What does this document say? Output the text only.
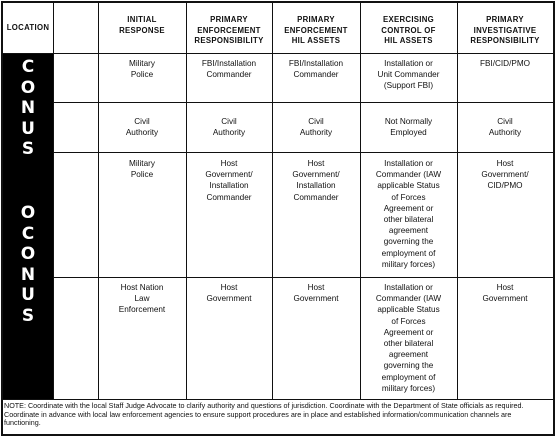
LOCATION
INITIAL
RESPONSE
PRIMARY
ENFORCEMENT
RESPONSIBILITY
PRIMARY
ENFORCEMENT
HIL ASSETS
EXERCISING
CONTROL OF
HIL ASSETS
PRIMARY
INVESTIGATIVE
RESPONSIBILITY
C
O
N
U
S
O
C
O
N
U
S
Military
Police
FBI/Installation
Commander
FBI/Installation
Commander
Installation or
Unit Commander
(Support FBI)
FBI/CID/PMO
Civil
Authority
Civil
Authority
Civil
Authority
Not Normally
Employed
Civil
Authority
Military
Police
Host
Government/
Installation
Commander
Host
Government/
Installation
Commander
Installation or
Commander (IAW
applicable Status
of Forces
Agreement or
other bilateral
agreement
governing the
employment of
military forces)
Host
Government/
CID/PMO
Host Nation
Law
Enforcement
Host
Government
Host
Government
Installation or
Commander (IAW
applicable Status
of Forces
Agreement or
other bilateral
agreement
governing the
employment of
military forces)
Host
Government
NOTE: Coordinate with the local Staff Judge Advocate to clarify authority and questions of jurisdiction. Coordinate with the Department of State officials as required. Coordinate in advance with local law enforcement agencies to ensure support procedures are in place and established information/communication channels are functioning.
